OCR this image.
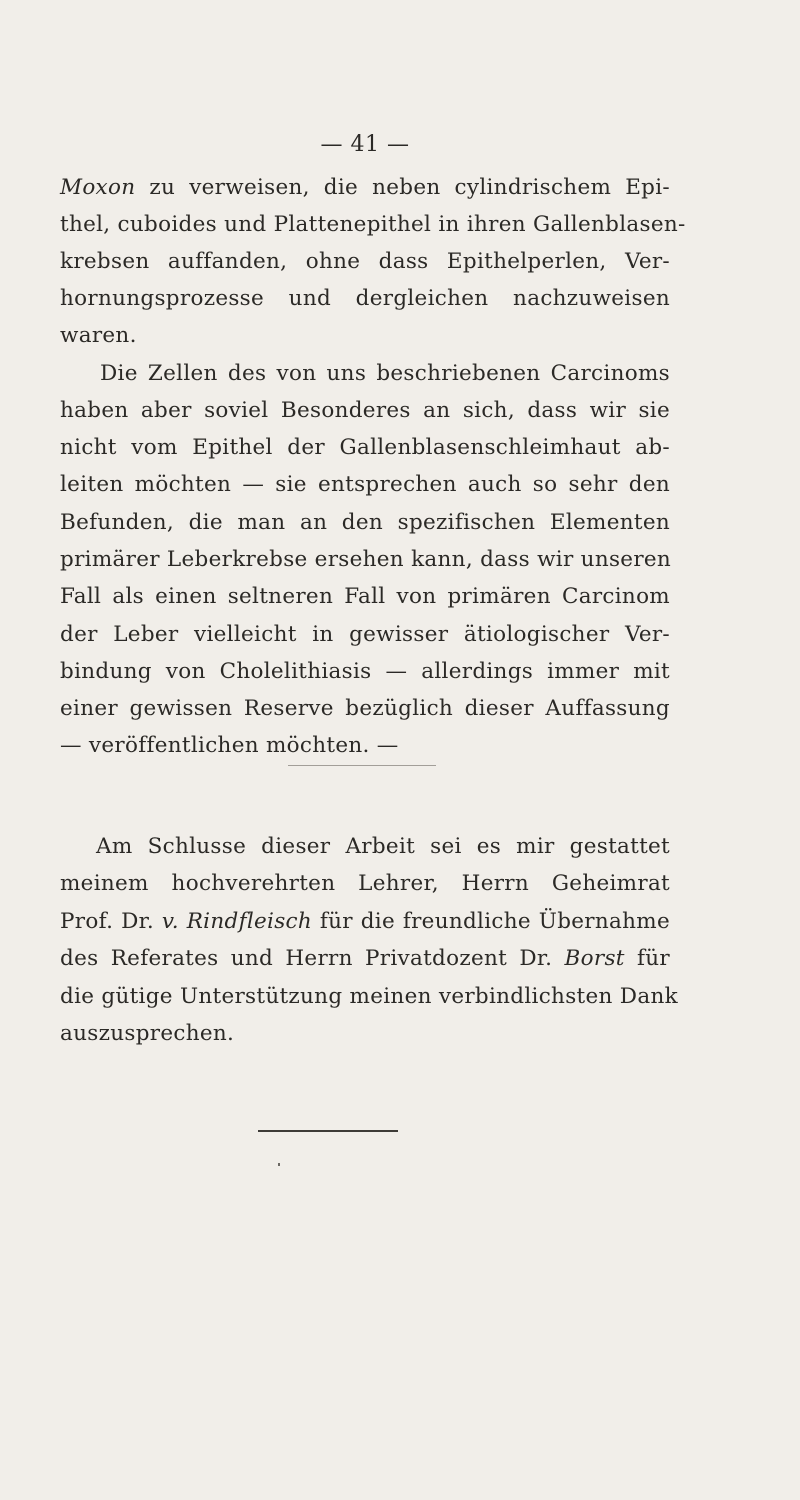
— 41 —
Moxon zu verweisen, die neben cylindrischem Epi-
thel, cuboides und Plattenepithel in ihren Gallenblasen-
krebsen auffanden, ohne dass Epithelperlen, Ver-
hornungsprozesse und dergleichen nachzuweisen
waren.
Die Zellen des von uns beschriebenen Carcinoms
haben aber soviel Besonderes an sich, dass wir sie
nicht vom Epithel der Gallenblasenschleimhaut ab-
leiten möchten — sie entsprechen auch so sehr den
Befunden, die man an den spezifischen Elementen
primärer Leberkrebse ersehen kann, dass wir unseren
Fall als einen seltneren Fall von primären Carcinom
der Leber vielleicht in gewisser ätiologischer Ver-
bindung von Cholelithiasis — allerdings immer mit
einer gewissen Reserve bezüglich dieser Auffassung
— veröffentlichen möchten. —
Am Schlusse dieser Arbeit sei es mir gestattet
meinem hochverehrten Lehrer, Herrn Geheimrat
Prof. Dr. v. Rindfleisch für die freundliche Übernahme
des Referates und Herrn Privatdozent Dr. Borst für
die gütige Unterstützung meinen verbindlichsten Dank
auszusprechen.
